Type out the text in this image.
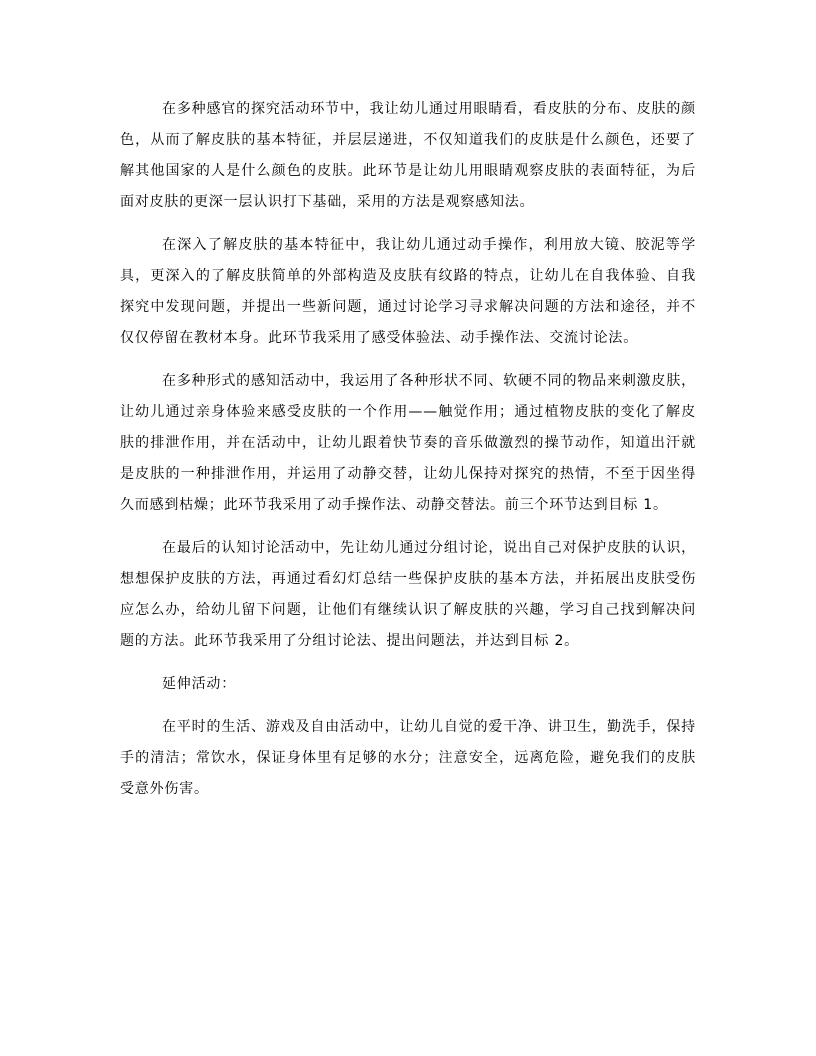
在多种感官的探究活动环节中，我让幼儿通过用眼睛看，看皮肤的分布、皮肤的颜色，从而了解皮肤的基本特征，并层层递进，不仅知道我们的皮肤是什么颜色，还要了解其他国家的人是什么颜色的皮肤。此环节是让幼儿用眼睛观察皮肤的表面特征，为后面对皮肤的更深一层认识打下基础，采用的方法是观察感知法。

在深入了解皮肤的基本特征中，我让幼儿通过动手操作，利用放大镜、胶泥等学具，更深入的了解皮肤简单的外部构造及皮肤有纹路的特点，让幼儿在自我体验、自我探究中发现问题，并提出一些新问题，通过讨论学习寻求解决问题的方法和途径，并不仅仅停留在教材本身。此环节我采用了感受体验法、动手操作法、交流讨论法。

在多种形式的感知活动中，我运用了各种形状不同、软硬不同的物品来刺激皮肤，让幼儿通过亲身体验来感受皮肤的一个作用——触觉作用；通过植物皮肤的变化了解皮肤的排泄作用，并在活动中，让幼儿跟着快节奏的音乐做激烈的操节动作，知道出汗就是皮肤的一种排泄作用，并运用了动静交替，让幼儿保持对探究的热情，不至于因坐得久而感到枯燥；此环节我采用了动手操作法、动静交替法。前三个环节达到目标 1。

在最后的认知讨论活动中，先让幼儿通过分组讨论，说出自己对保护皮肤的认识，想想保护皮肤的方法，再通过看幻灯总结一些保护皮肤的基本方法，并拓展出皮肤受伤应怎么办，给幼儿留下问题，让他们有继续认识了解皮肤的兴趣，学习自己找到解决问题的方法。此环节我采用了分组讨论法、提出问题法，并达到目标 2。

延伸活动：

在平时的生活、游戏及自由活动中，让幼儿自觉的爱干净、讲卫生，勤洗手，保持手的清洁；常饮水，保证身体里有足够的水分；注意安全，远离危险，避免我们的皮肤受意外伤害。
